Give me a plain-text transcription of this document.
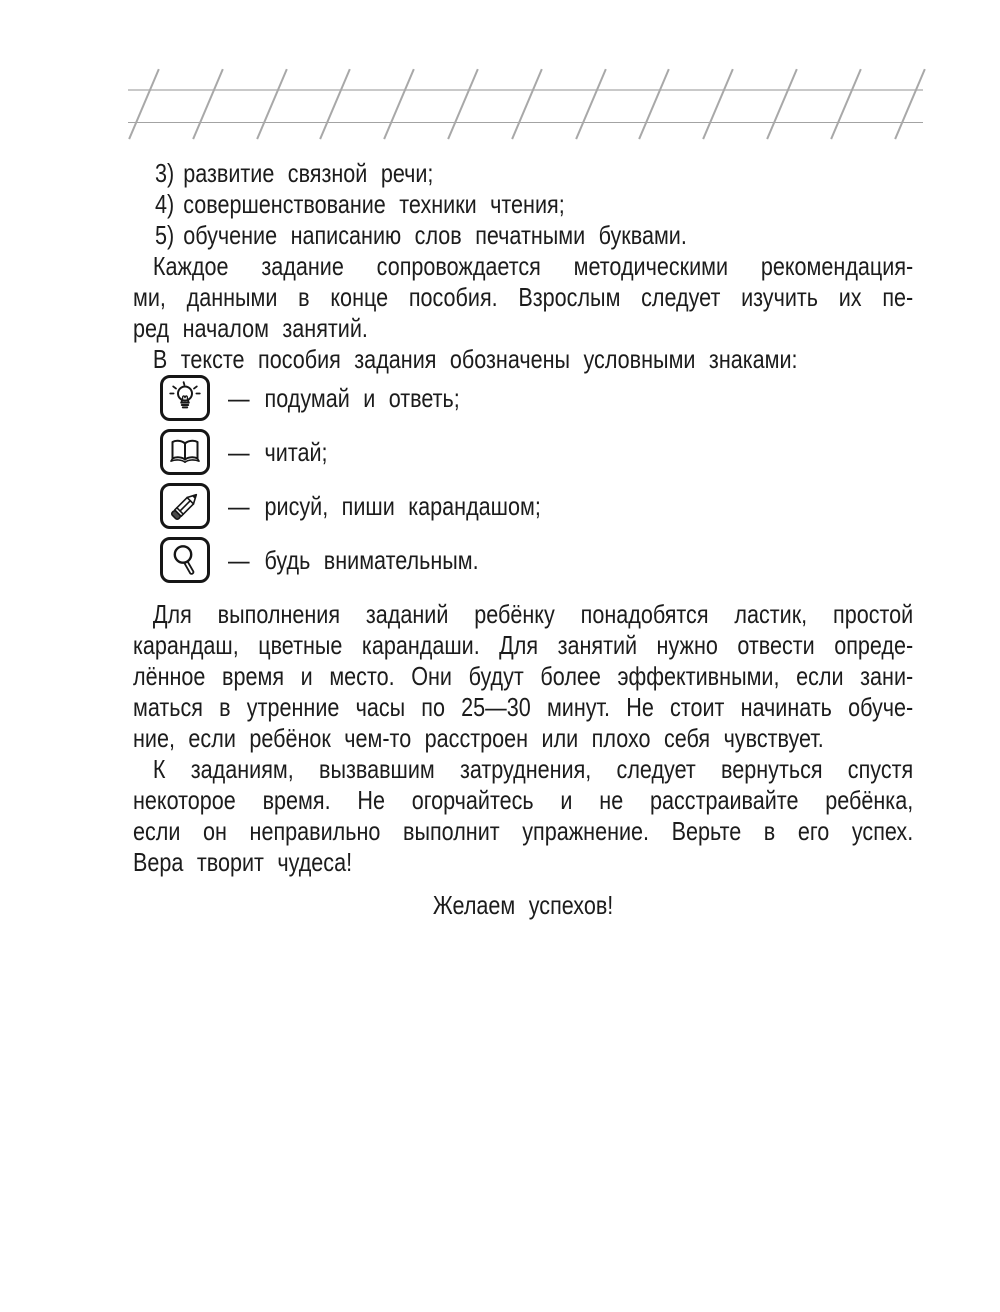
3) развитие связной речи;
4) совершенствование техники чтения;
5) обучение написанию слов печатными буквами.
Каждое задание сопровождается методическими рекомендация-
ми, данными в конце пособия. Взрослым следует изучить их пе-
ред началом занятий.
В тексте пособия задания обозначены условными знаками:
— подумай и ответь;
— читай;
— рисуй, пиши карандашом;
— будь внимательным.
Для выполнения заданий ребёнку понадобятся ластик, простой
карандаш, цветные карандаши. Для занятий нужно отвести опреде-
лённое время и место. Они будут более эффективными, если зани-
маться в утренние часы по 25—30 минут. Не стоит начинать обуче-
ние, если ребёнок чем-то расстроен или плохо себя чувствует.
К заданиям, вызвавшим затруднения, следует вернуться спустя
некоторое время. Не огорчайтесь и не расстраивайте ребёнка,
если он неправильно выполнит упражнение. Верьте в его успех.
Вера творит чудеса!
Желаем успехов!
